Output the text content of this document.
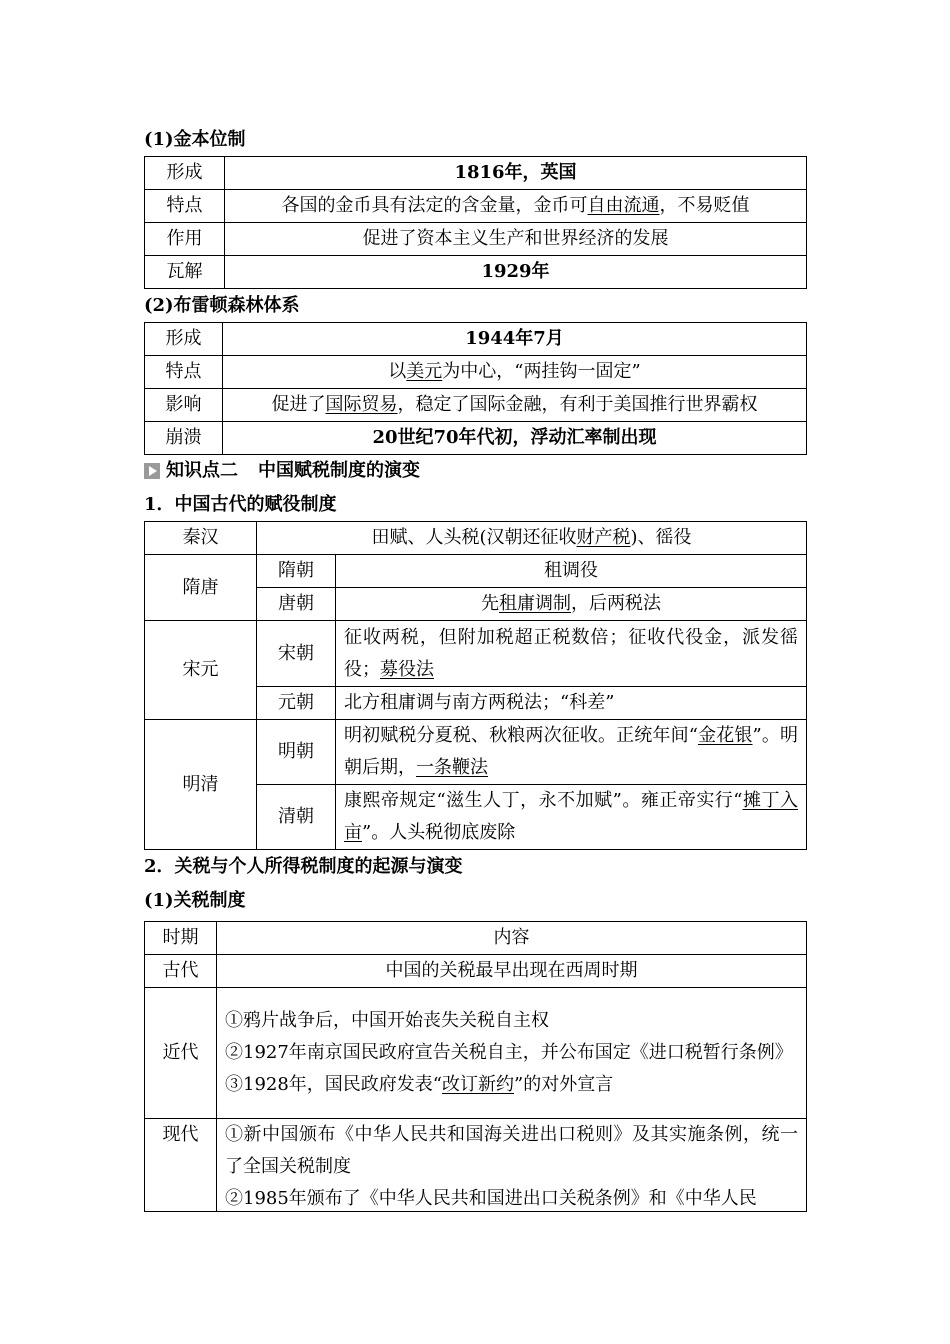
(1)金本位制
形成	1816年，英国
特点	各国的金币具有法定的含金量，金币可自由流通，不易贬值
作用	促进了资本主义生产和世界经济的发展
瓦解	1929年
(2)布雷顿森林体系
形成	1944年7月
特点	以美元为中心，“两挂钩一固定”
影响	促进了国际贸易，稳定了国际金融，有利于美国推行世界霸权
崩溃	20世纪70年代初，浮动汇率制出现
知识点二 中国赋税制度的演变
1．中国古代的赋役制度
秦汉	田赋、人头税(汉朝还征收财产税)、徭役	
隋唐	隋朝	租调役
	唐朝	先租庸调制，后两税法
宋元	宋朝	征收两税，但附加税超正税数倍；征收代役金，派发徭役；募役法
	元朝	北方租庸调与南方两税法；“科差”
明清	明朝	明初赋税分夏税、秋粮两次征收。正统年间“金花银”。明朝后期，一条鞭法
	清朝	康熙帝规定“滋生人丁，永不加赋”。雍正帝实行“摊丁入亩”。人头税彻底废除
2．关税与个人所得税制度的起源与演变
(1)关税制度
时期	内容
古代	中国的关税最早出现在西周时期
近代	①鸦片战争后，中国开始丧失关税自主权
②1927年南京国民政府宣告关税自主，并公布国定《进口税暂行条例》
③1928年，国民政府发表“改订新约”的对外宣言

现代	①新中国颁布《中华人民共和国海关进出口税则》及其实施条例，统一了全国关税制度
②1985年颁布了《中华人民共和国进出口关税条例》和《中华人民
